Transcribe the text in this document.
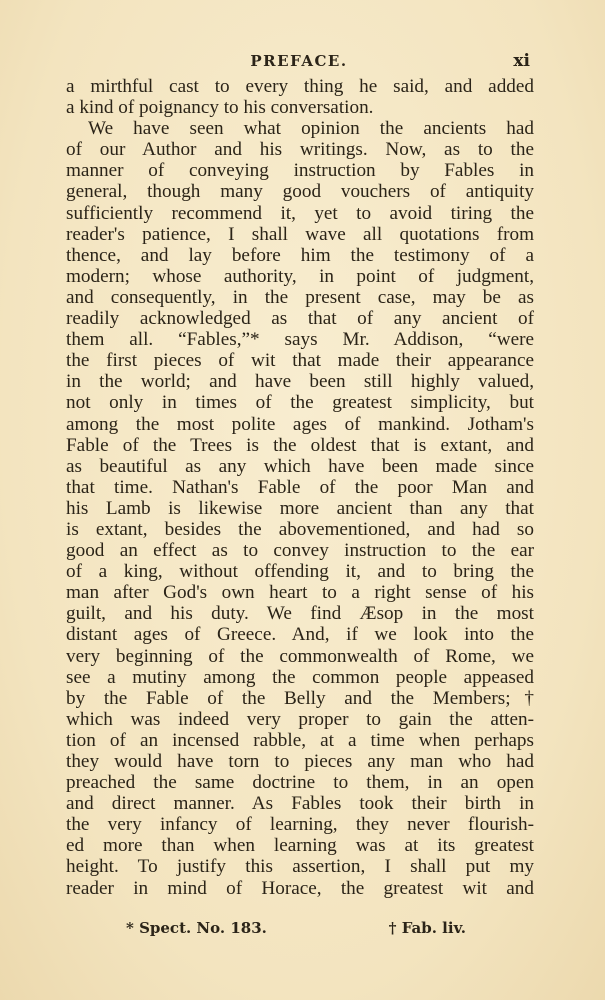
PREFACE.	xi
a mirthful cast to every thing he said, and added
a kind of poignancy to his conversation.
We have seen what opinion the ancients had
of our Author and his writings. Now, as to the
manner of conveying instruction by Fables in
general, though many good vouchers of antiquity
sufficiently recommend it, yet to avoid tiring the
reader's patience, I shall wave all quotations from
thence, and lay before him the testimony of a
modern; whose authority, in point of judgment,
and consequently, in the present case, may be as
readily acknowledged as that of any ancient of
them all. “Fables,”* says Mr. Addison, “were
the first pieces of wit that made their appearance
in the world; and have been still highly valued,
not only in times of the greatest simplicity, but
among the most polite ages of mankind. Jotham's
Fable of the Trees is the oldest that is extant, and
as beautiful as any which have been made since
that time. Nathan's Fable of the poor Man and
his Lamb is likewise more ancient than any that
is extant, besides the abovementioned, and had so
good an effect as to convey instruction to the ear
of a king, without offending it, and to bring the
man after God's own heart to a right sense of his
guilt, and his duty. We find Æsop in the most
distant ages of Greece. And, if we look into the
very beginning of the commonwealth of Rome, we
see a mutiny among the common people appeased
by the Fable of the Belly and the Members;†
which was indeed very proper to gain the atten-
tion of an incensed rabble, at a time when perhaps
they would have torn to pieces any man who had
preached the same doctrine to them, in an open
and direct manner. As Fables took their birth in
the very infancy of learning, they never flourish-
ed more than when learning was at its greatest
height. To justify this assertion, I shall put my
reader in mind of Horace, the greatest wit and
* Spect. No. 183.	† Fab. liv.
